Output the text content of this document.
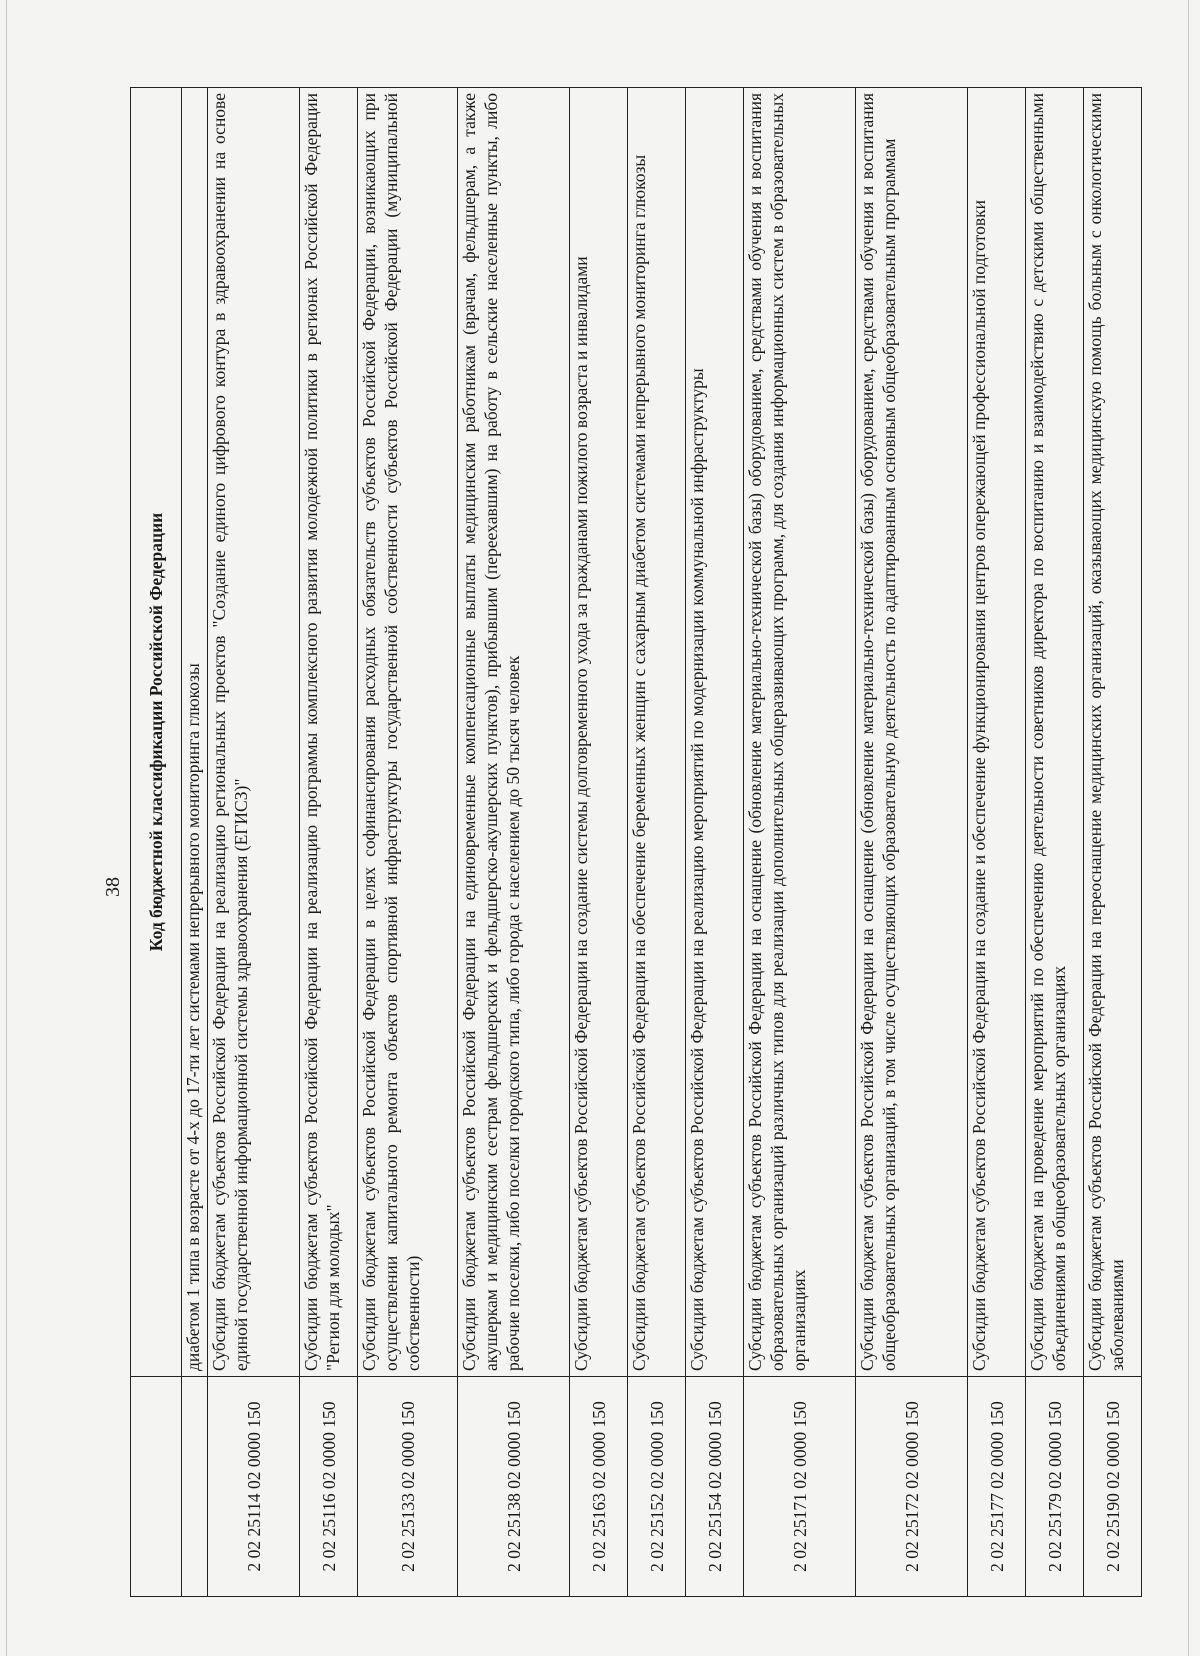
38
	Код бюджетной классификации Российской Федерации
	диабетом 1 типа в возрасте от 4-х до 17-ти лет системами непрерывного мониторинга глюкозы
2 02 25114 02 0000 150	Субсидии бюджетам субъектов Российской Федерации на реализацию региональных проектов "Создание единого цифрового контура в здравоохранении на основе единой государственной информационной системы здравоохранения (ЕГИСЗ)"
2 02 25116 02 0000 150	Субсидии бюджетам субъектов Российской Федерации на реализацию программы комплексного развития молодежной политики в регионах Российской Федерации "Регион для молодых"
2 02 25133 02 0000 150	Субсидии бюджетам субъектов Российской Федерации в целях софинансирования расходных обязательств субъектов Российской Федерации, возникающих при осуществлении капитального ремонта объектов спортивной инфраструктуры государственной собственности субъектов Российской Федерации (муниципальной собственности)
2 02 25138 02 0000 150	Субсидии бюджетам субъектов Российской Федерации на единовременные компенсационные выплаты медицинским работникам (врачам, фельдшерам, а также акушеркам и медицинским сестрам фельдшерских и фельдшерско-акушерских пунктов), прибывшим (переехавшим) на работу в сельские населенные пункты, либо рабочие поселки, либо поселки городского типа, либо города с населением до 50 тысяч человек
2 02 25163 02 0000 150	Субсидии бюджетам субъектов Российской Федерации на создание системы долговременного ухода за гражданами пожилого возраста и инвалидами
2 02 25152 02 0000 150	Субсидии бюджетам субъектов Российской Федерации на обеспечение беременных женщин с сахарным диабетом системами непрерывного мониторинга глюкозы
2 02 25154 02 0000 150	Субсидии бюджетам субъектов Российской Федерации на реализацию мероприятий по модернизации коммунальной инфраструктуры
2 02 25171 02 0000 150	Субсидии бюджетам субъектов Российской Федерации на оснащение (обновление материально-технической базы) оборудованием, средствами обучения и воспитания образовательных организаций различных типов для реализации дополнительных общеразвивающих программ, для создания информационных систем в образовательных организациях
2 02 25172 02 0000 150	Субсидии бюджетам субъектов Российской Федерации на оснащение (обновление материально-технической базы) оборудованием, средствами обучения и воспитания общеобразовательных организаций, в том числе осуществляющих образовательную деятельность по адаптированным основным общеобразовательным программам
2 02 25177 02 0000 150	Субсидии бюджетам субъектов Российской Федерации на создание и обеспечение функционирования центров опережающей профессиональной подготовки
2 02 25179 02 0000 150	Субсидии бюджетам на проведение мероприятий по обеспечению деятельности советников директора по воспитанию и взаимодействию с детскими общественными объединениями в общеобразовательных организациях
2 02 25190 02 0000 150	Субсидии бюджетам субъектов Российской Федерации на переоснащение медицинских организаций, оказывающих медицинскую помощь больным с онкологическими заболеваниями
